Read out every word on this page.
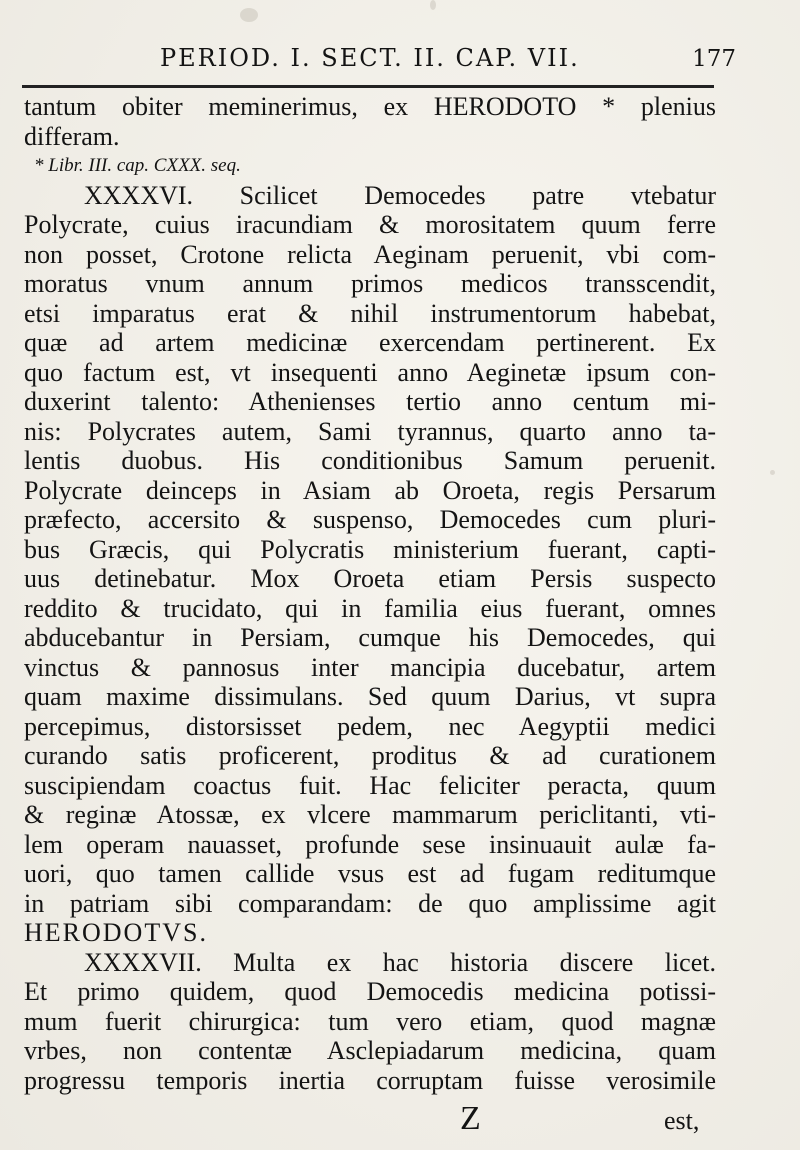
PERIOD. I. SECT. II. CAP. VII.	177
tantum obiter meminerimus, ex HERODOTO * plenius
differam.
* Libr. III. cap. CXXX. seq.
XXXXVI. Scilicet Democedes patre vtebatur
Polycrate, cuius iracundiam & morositatem quum ferre
non posset, Crotone relicta Aeginam peruenit, vbi com-
moratus vnum annum primos medicos transscendit,
etsi imparatus erat & nihil instrumentorum habebat,
quæ ad artem medicinæ exercendam pertinerent. Ex
quo factum est, vt insequenti anno Aeginetæ ipsum con-
duxerint talento: Athenienses tertio anno centum mi-
nis: Polycrates autem, Sami tyrannus, quarto anno ta-
lentis duobus. His conditionibus Samum peruenit.
Polycrate deinceps in Asiam ab Oroeta, regis Persarum
præfecto, accersito & suspenso, Democedes cum pluri-
bus Græcis, qui Polycratis ministerium fuerant, capti-
uus detinebatur. Mox Oroeta etiam Persis suspecto
reddito & trucidato, qui in familia eius fuerant, omnes
abducebantur in Persiam, cumque his Democedes, qui
vinctus & pannosus inter mancipia ducebatur, artem
quam maxime dissimulans. Sed quum Darius, vt supra
percepimus, distorsisset pedem, nec Aegyptii medici
curando satis proficerent, proditus & ad curationem
suscipiendam coactus fuit. Hac feliciter peracta, quum
& reginæ Atossæ, ex vlcere mammarum periclitanti, vti-
lem operam nauasset, profunde sese insinuauit aulæ fa-
uori, quo tamen callide vsus est ad fugam reditumque
in patriam sibi comparandam: de quo amplissime agit
HERODOTVS.
XXXXVII. Multa ex hac historia discere licet.
Et primo quidem, quod Democedis medicina potissi-
mum fuerit chirurgica: tum vero etiam, quod magnæ
vrbes, non contentæ Asclepiadarum medicina, quam
progressu temporis inertia corruptam fuisse verosimile
Z	est,
